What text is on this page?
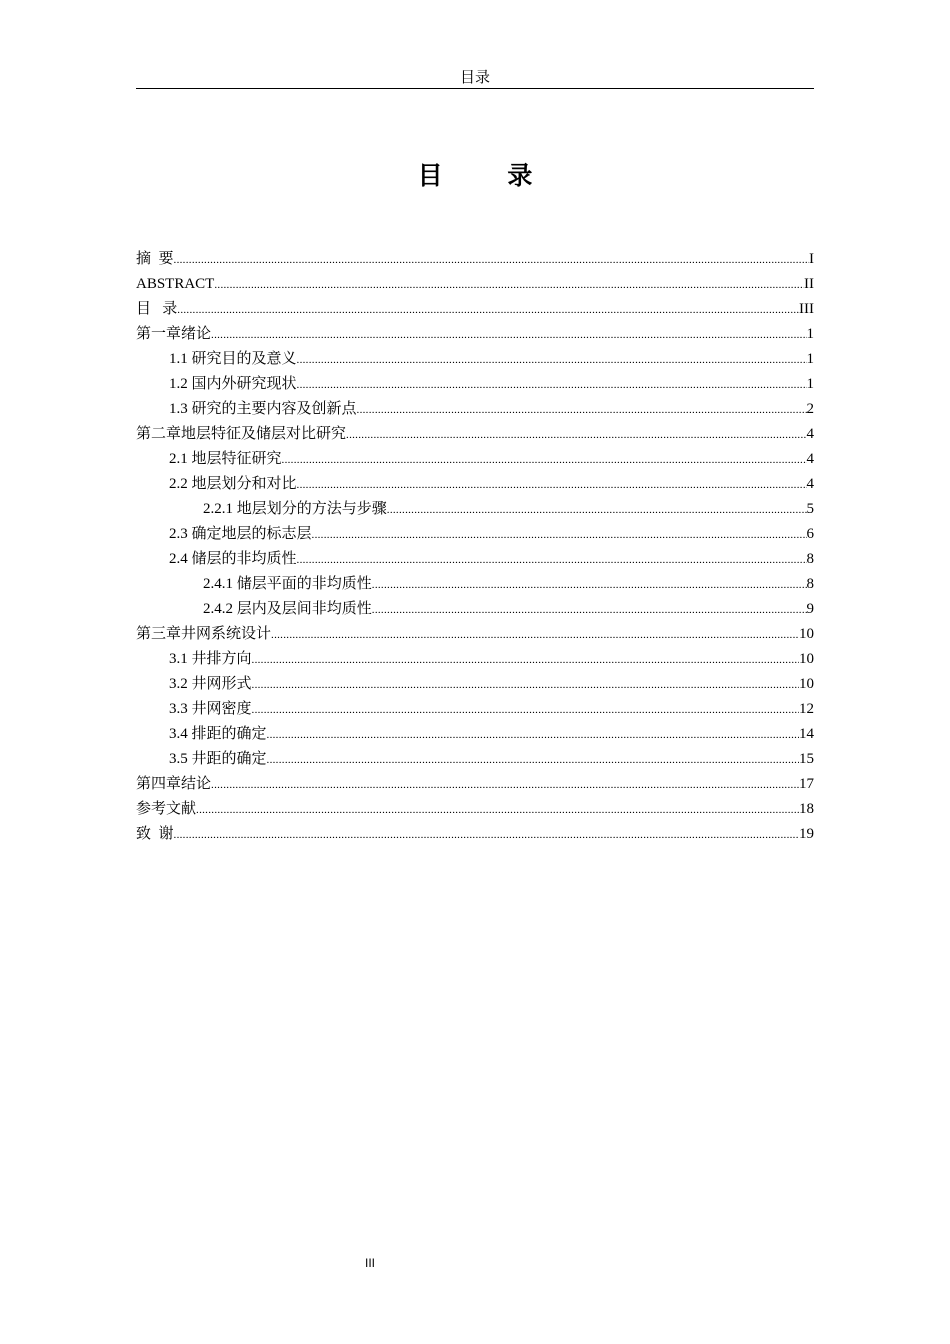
目录
目 录
摘  要 .....	I
ABSTRACT .....	II
目   录 .....	III
第一章绪论 .....	1
1.1 研究目的及意义 .....	1
1.2 国内外研究现状 .....	1
1.3 研究的主要内容及创新点 .....	2
第二章地层特征及储层对比研究 .....	4
2.1 地层特征研究 .....	4
2.2 地层划分和对比 .....	4
2.2.1 地层划分的方法与步骤 .....	5
2.3 确定地层的标志层 .....	6
2.4 储层的非均质性 .....	8
2.4.1 储层平面的非均质性 .....	8
2.4.2 层内及层间非均质性 .....	9
第三章井网系统设计 .....	10
3.1 井排方向 .....	10
3.2 井网形式 .....	10
3.3 井网密度 .....	12
3.4 排距的确定 .....	14
3.5 井距的确定 .....	15
第四章结论 .....	17
参考文献 .....	18
致  谢 .....	19
III
